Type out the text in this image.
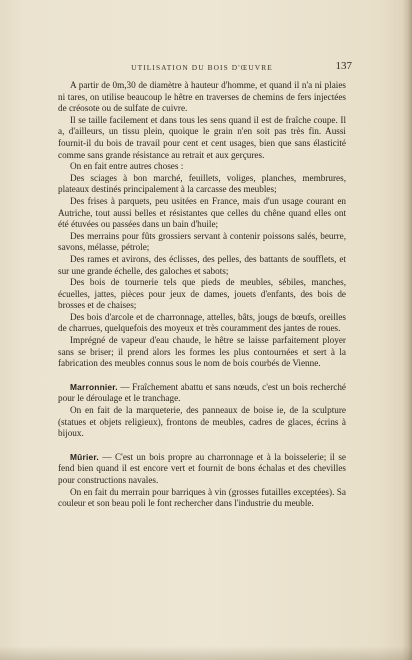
UTILISATION DU BOIS D'ŒUVRE	137

A partir de 0m,30 de diamètre à hauteur d'homme, et quand il n'a ni plaies ni tares, on utilise beaucoup le hêtre en traverses de chemins de fers injectées de créosote ou de sulfate de cuivre.

Il se taille facilement et dans tous les sens quand il est de fraîche coupe. Il a, d'ailleurs, un tissu plein, quoique le grain n'en soit pas très fin. Aussi fournit-il du bois de travail pour cent et cent usages, bien que sans élasticité comme sans grande résistance au retrait et aux gerçures.

On en fait entre autres choses :

Des sciages à bon marché, feuillets, voliges, planches, membrures, plateaux destinés principalement à la carcasse des meubles;

Des frises à parquets, peu usitées en France, mais d'un usage courant en Autriche, tout aussi belles et résistantes que celles du chêne quand elles ont été étuvées ou passées dans un bain d'huile;

Des merrains pour fûts grossiers servant à contenir poissons salés, beurre, savons, mélasse, pétrole;

Des rames et avirons, des éclisses, des pelles, des battants de soufflets, et sur une grande échelle, des galoches et sabots;

Des bois de tournerie tels que pieds de meubles, sébiles, manches, écuelles, jattes, pièces pour jeux de dames, jouets d'enfants, des bois de brosses et de chaises;

Des bois d'arcole et de charronnage, attelles, bâts, jougs de bœufs, oreilles de charrues, quelquefois des moyeux et très couramment des jantes de roues.

Imprégné de vapeur d'eau chaude, le hêtre se laisse parfaitement ployer sans se briser; il prend alors les formes les plus contournées et sert à la fabrication des meubles connus sous le nom de bois courbés de Vienne.

Marronnier. — Fraîchement abattu et sans nœuds, c'est un bois recherché pour le déroulage et le tranchage.

On en fait de la marqueterie, des panneaux de boise ie, de la sculpture (statues et objets religieux), frontons de meubles, cadres de glaces, écrins à bijoux.

Mûrier. — C'est un bois propre au charronnage et à la boisselerie; il se fend bien quand il est encore vert et fournit de bons échalas et des chevilles pour constructions navales.

On en fait du merrain pour barriques à vin (grosses futailles exceptées). Sa couleur et son beau poli le font rechercher dans l'industrie du meuble.
